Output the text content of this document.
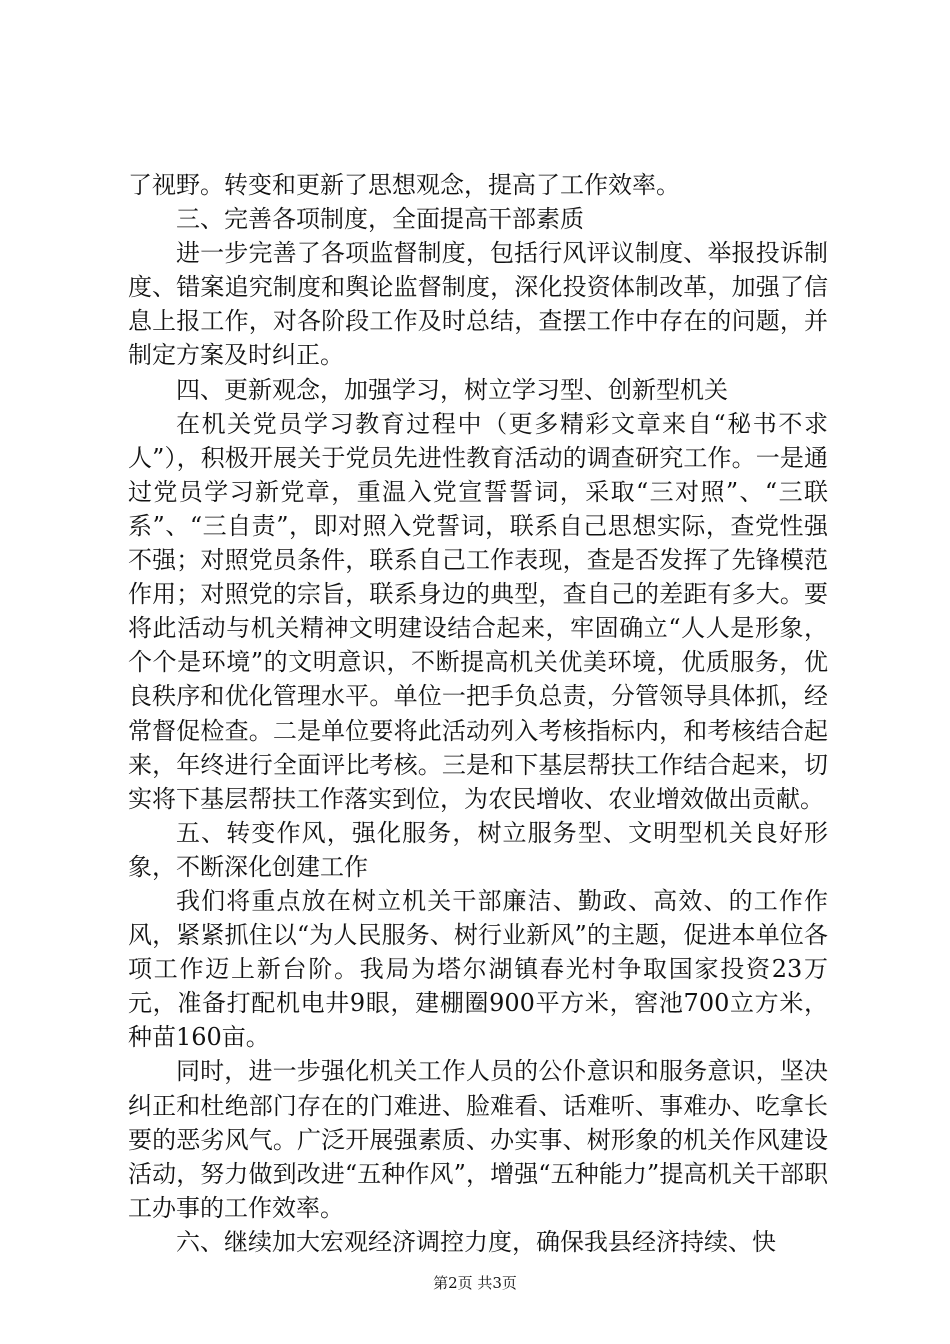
了视野。转变和更新了思想观念，提高了工作效率。

三、完善各项制度，全面提高干部素质

进一步完善了各项监督制度，包括行风评议制度、举报投诉制度、错案追究制度和舆论监督制度，深化投资体制改革，加强了信息上报工作，对各阶段工作及时总结，查摆工作中存在的问题，并制定方案及时纠正。

四、更新观念，加强学习，树立学习型、创新型机关

在机关党员学习教育过程中（更多精彩文章来自“秘书不求人”），积极开展关于党员先进性教育活动的调查研究工作。一是通过党员学习新党章，重温入党宣誓誓词，采取“三对照”、“三联系”、“三自责”，即对照入党誓词，联系自己思想实际，查党性强不强；对照党员条件，联系自己工作表现，查是否发挥了先锋模范作用；对照党的宗旨，联系身边的典型，查自己的差距有多大。要将此活动与机关精神文明建设结合起来，牢固确立“人人是形象，个个是环境”的文明意识，不断提高机关优美环境，优质服务，优良秩序和优化管理水平。单位一把手负总责，分管领导具体抓，经常督促检查。二是单位要将此活动列入考核指标内，和考核结合起来，年终进行全面评比考核。三是和下基层帮扶工作结合起来，切实将下基层帮扶工作落实到位，为农民增收、农业增效做出贡献。

五、转变作风，强化服务，树立服务型、文明型机关良好形象，不断深化创建工作

我们将重点放在树立机关干部廉洁、勤政、高效、的工作作风，紧紧抓住以“为人民服务、树行业新风”的主题，促进本单位各项工作迈上新台阶。我局为塔尔湖镇春光村争取国家投资23万元，准备打配机电井9眼，建棚圈900平方米，窖池700立方米，种苗160亩。

同时，进一步强化机关工作人员的公仆意识和服务意识，坚决纠正和杜绝部门存在的门难进、脸难看、话难听、事难办、吃拿长要的恶劣风气。广泛开展强素质、办实事、树形象的机关作风建设活动，努力做到改进“五种作风”，增强“五种能力”提高机关干部职工办事的工作效率。

六、继续加大宏观经济调控力度，确保我县经济持续、快

第2页 共3页
